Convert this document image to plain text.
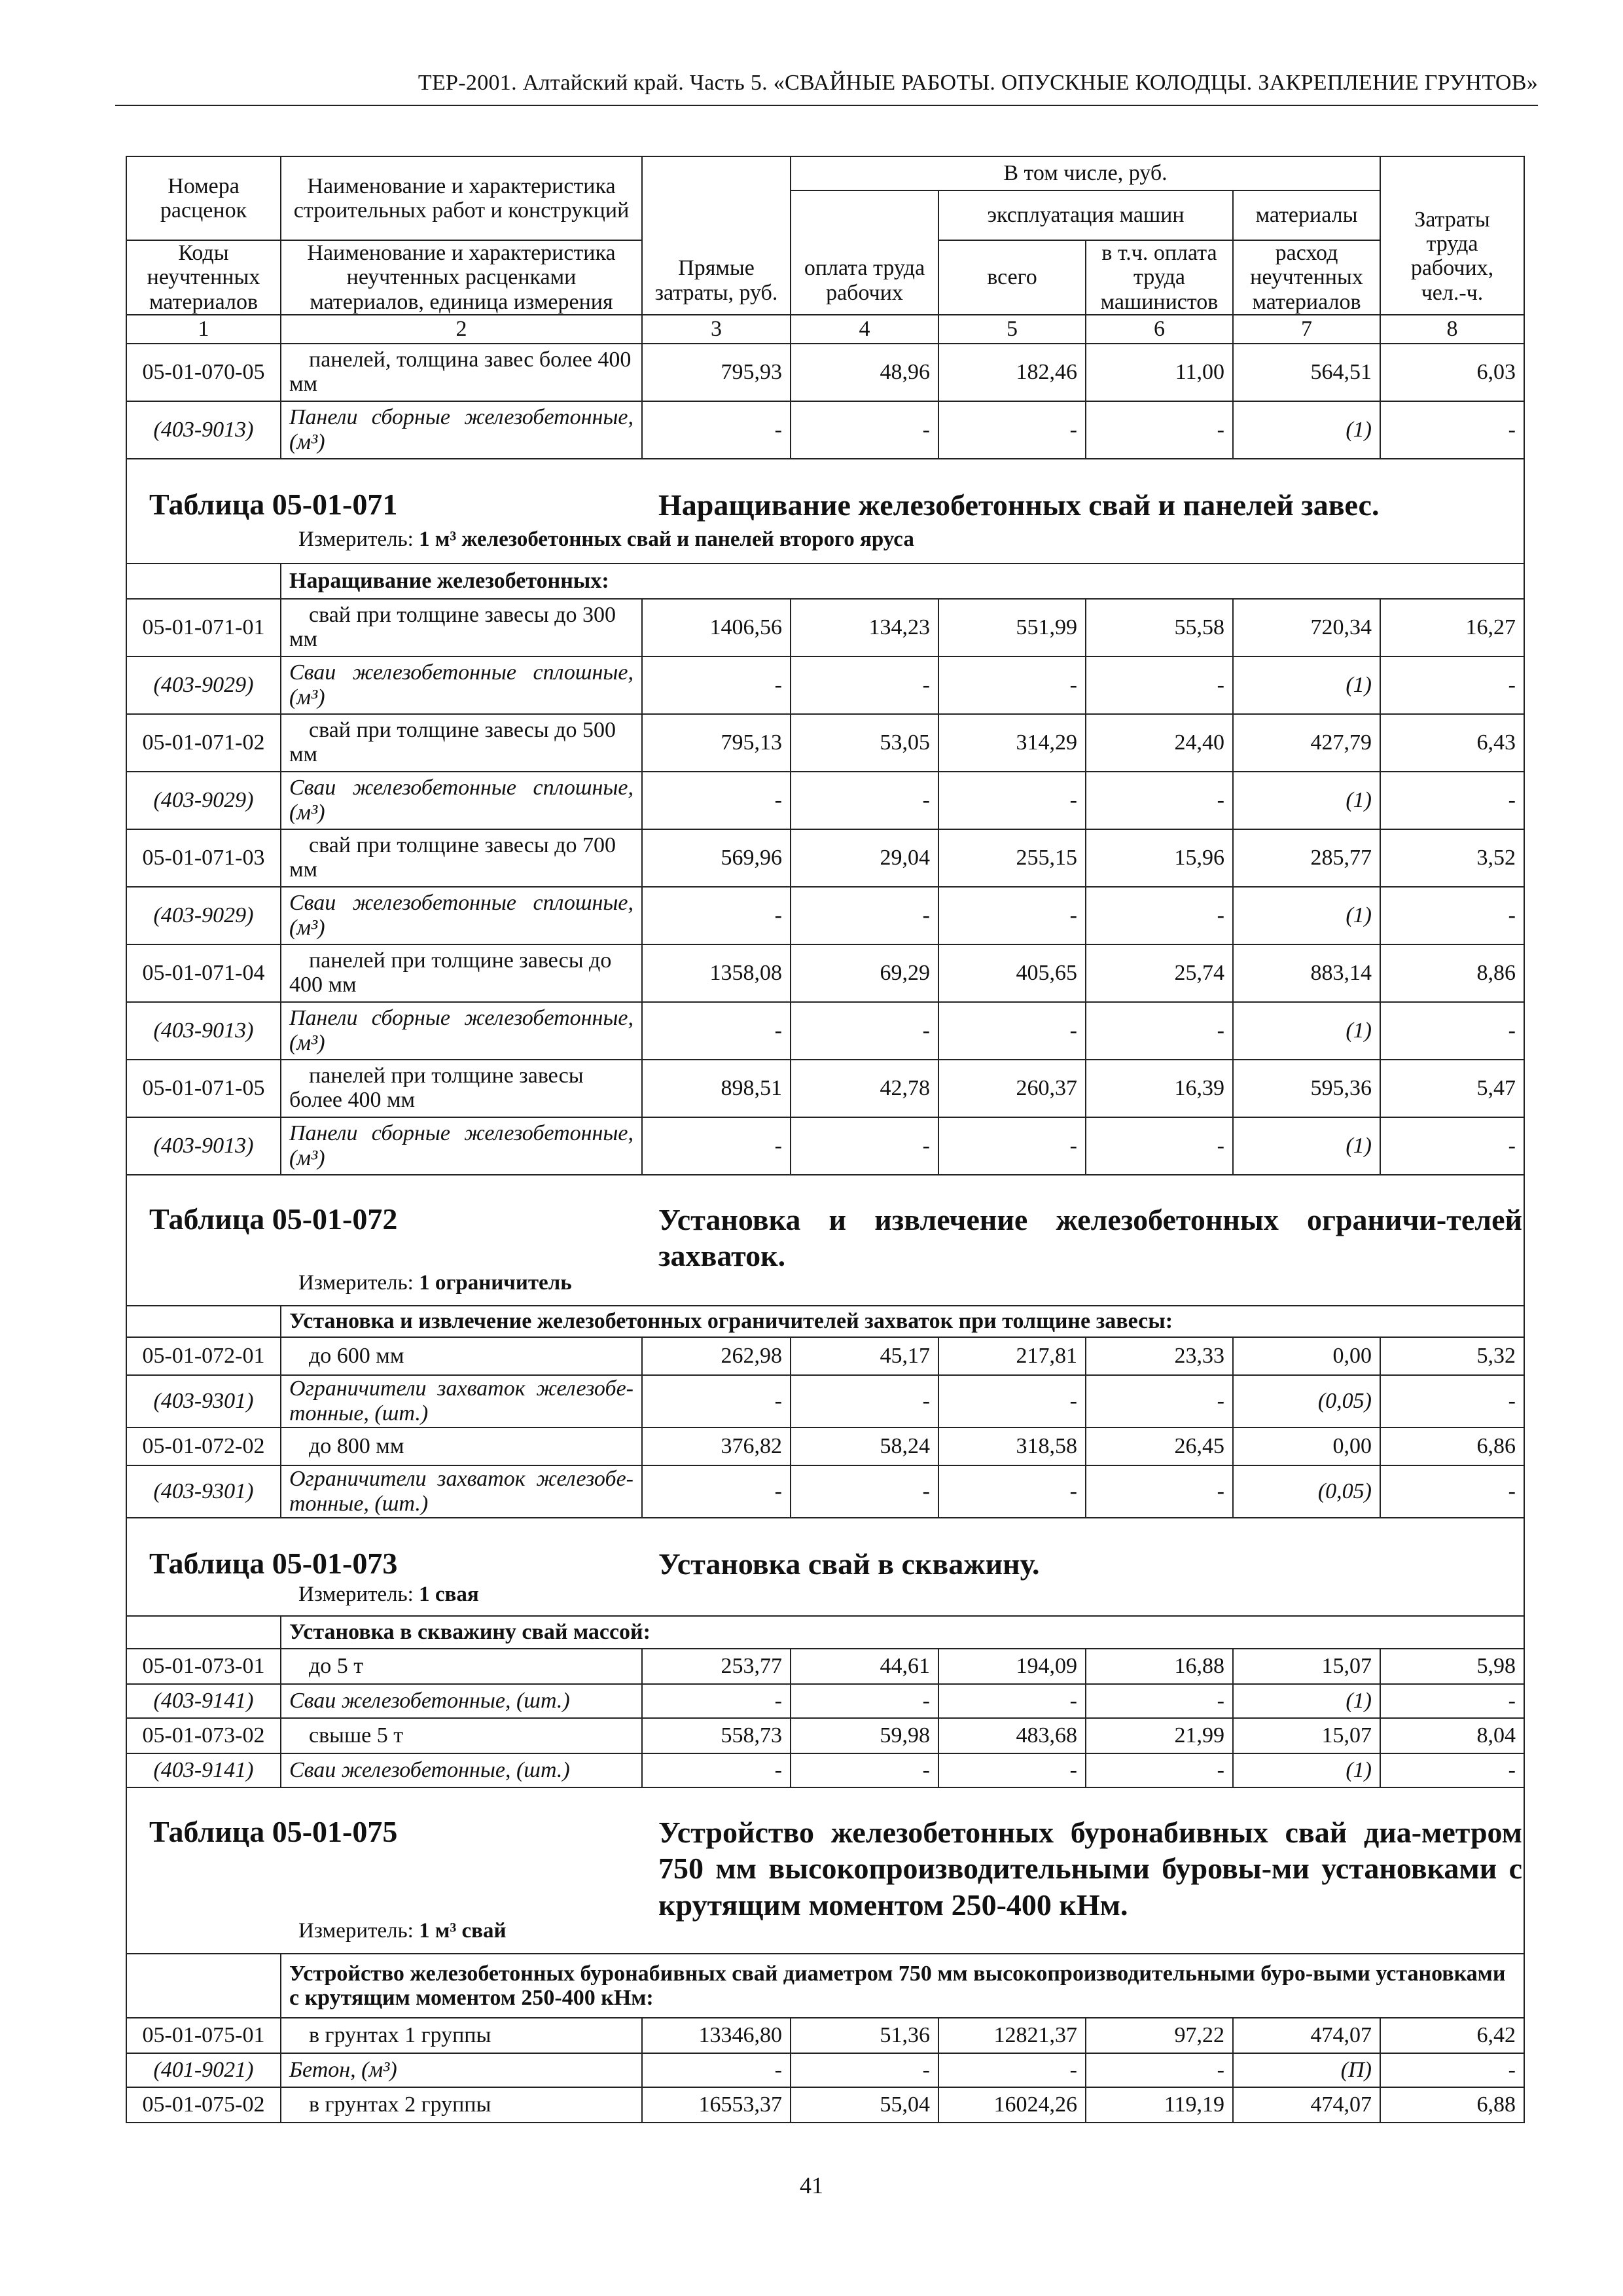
ТЕР-2001. Алтайский край. Часть 5. «СВАЙНЫЕ РАБОТЫ. ОПУСКНЫЕ КОЛОДЦЫ. ЗАКРЕПЛЕНИЕ ГРУНТОВ»
Номера расценок	Наименование и характеристика строительных работ и конструкций	Прямые затраты, руб.	В том числе, руб.				Затраты труда рабочих, чел.-ч.
			оплата труда рабочих	эксплуатация машин		материалы	
Коды неучтенных материалов	Наименование и характеристика неучтенных расценками материалов, единица измерения			всего	в т.ч. оплата труда машинистов	расход неучтенных материалов	
1	2	3	4	5	6	7	8
05-01-070-05	панелей, толщина завес более 400 мм	795,93	48,96	182,46	11,00	564,51	6,03
(403-9013)	Панели сборные железобетонные, (м³)	-	-	-	-	(1)	-

Таблица 05-01-071 Наращивание железобетонных свай и панелей завес.
Измеритель: 1 м³ железобетонных свай и панелей второго яруса							

	Наращивание железобетонных:						
05-01-071-01	свай при толщине завесы до 300 мм	1406,56	134,23	551,99	55,58	720,34	16,27
(403-9029)	Сваи железобетонные сплошные, (м³)	-	-	-	-	(1)	-
05-01-071-02	свай при толщине завесы до 500 мм	795,13	53,05	314,29	24,40	427,79	6,43
(403-9029)	Сваи железобетонные сплошные, (м³)	-	-	-	-	(1)	-
05-01-071-03	свай при толщине завесы до 700 мм	569,96	29,04	255,15	15,96	285,77	3,52
(403-9029)	Сваи железобетонные сплошные, (м³)	-	-	-	-	(1)	-
05-01-071-04	панелей при толщине завесы до 400 мм	1358,08	69,29	405,65	25,74	883,14	8,86
(403-9013)	Панели сборные железобетонные, (м³)	-	-	-	-	(1)	-
05-01-071-05	панелей при толщине завесы более 400 мм	898,51	42,78	260,37	16,39	595,36	5,47
(403-9013)	Панели сборные железобетонные, (м³)	-	-	-	-	(1)	-

Таблица 05-01-072 Установка и извлечение железобетонных ограничи-телей захваток.
Измеритель: 1 ограничитель							

	Установка и извлечение железобетонных ограничителей захваток при толщине завесы:						
05-01-072-01	до 600 мм	262,98	45,17	217,81	23,33	0,00	5,32
(403-9301)	Ограничители захваток железобе-тонные, (шт.)	-	-	-	-	(0,05)	-
05-01-072-02	до 800 мм	376,82	58,24	318,58	26,45	0,00	6,86
(403-9301)	Ограничители захваток железобе-тонные, (шт.)	-	-	-	-	(0,05)	-

Таблица 05-01-073 Установка свай в скважину.
Измеритель: 1 свая							

	Установка в скважину свай массой:						
05-01-073-01	до 5 т	253,77	44,61	194,09	16,88	15,07	5,98
(403-9141)	Сваи железобетонные, (шт.)	-	-	-	-	(1)	-
05-01-073-02	свыше 5 т	558,73	59,98	483,68	21,99	15,07	8,04
(403-9141)	Сваи железобетонные, (шт.)	-	-	-	-	(1)	-

Таблица 05-01-075 Устройство железобетонных буронабивных свай диа-метром 750 мм высокопроизводительными буровы-ми установками с крутящим моментом 250-400 кНм.
Измеритель: 1 м³ свай							

	Устройство железобетонных буронабивных свай диаметром 750 мм высокопроизводительными буро-выми установками с крутящим моментом 250-400 кНм:						
05-01-075-01	в грунтах 1 группы	13346,80	51,36	12821,37	97,22	474,07	6,42
(401-9021)	Бетон, (м³)	-	-	-	-	(П)	-
05-01-075-02	в грунтах 2 группы	16553,37	55,04	16024,26	119,19	474,07	6,88
41
